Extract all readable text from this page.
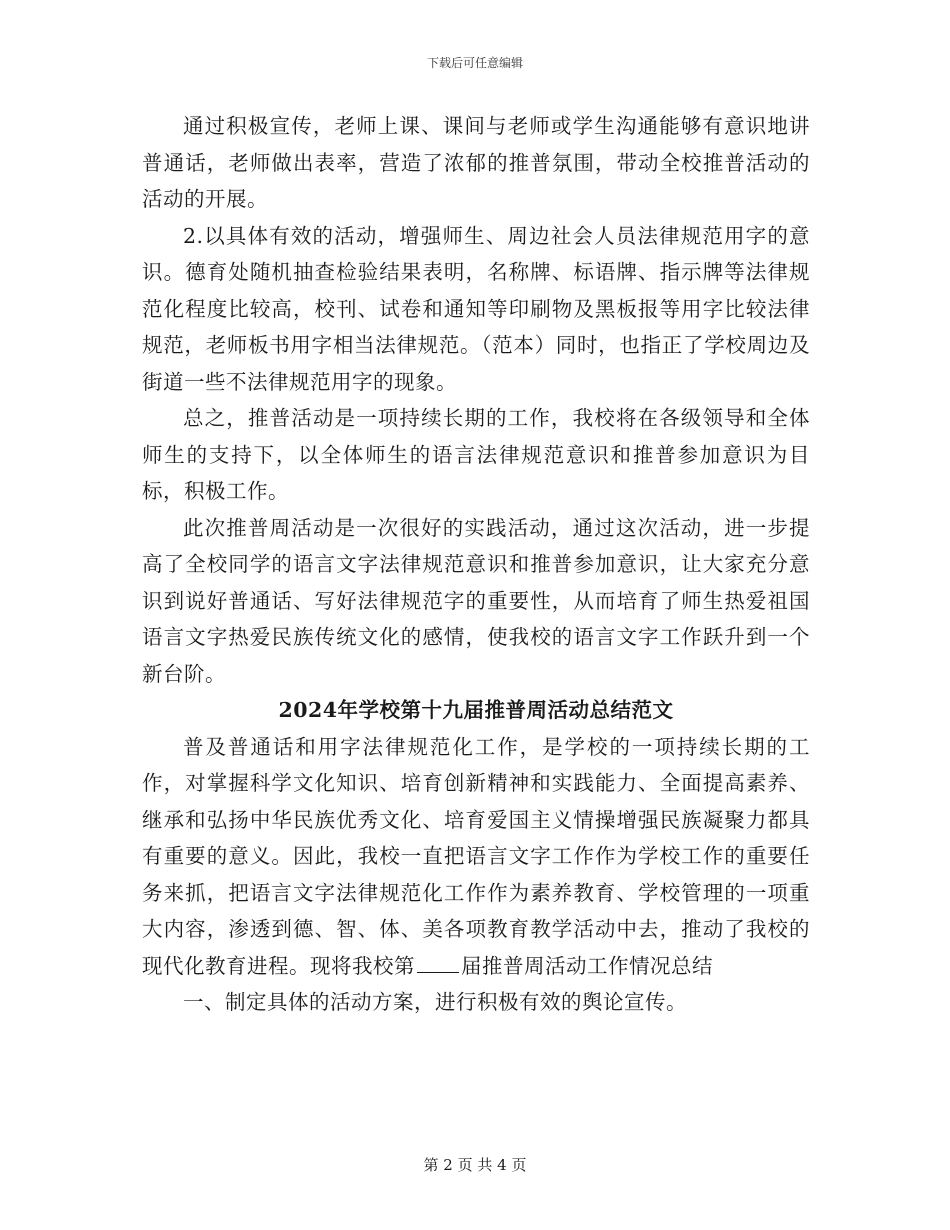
下载后可任意编辑

通过积极宣传，老师上课、课间与老师或学生沟通能够有意识地讲普通话，老师做出表率，营造了浓郁的推普氛围，带动全校推普活动的活动的开展。

2.以具体有效的活动，增强师生、周边社会人员法律规范用字的意识。德育处随机抽查检验结果表明，名称牌、标语牌、指示牌等法律规范化程度比较高，校刊、试卷和通知等印刷物及黑板报等用字比较法律规范，老师板书用字相当法律规范。（范本）同时，也指正了学校周边及街道一些不法律规范用字的现象。

总之，推普活动是一项持续长期的工作，我校将在各级领导和全体师生的支持下，以全体师生的语言法律规范意识和推普参加意识为目标，积极工作。

此次推普周活动是一次很好的实践活动，通过这次活动，进一步提高了全校同学的语言文字法律规范意识和推普参加意识，让大家充分意识到说好普通话、写好法律规范字的重要性，从而培育了师生热爱祖国语言文字热爱民族传统文化的感情，使我校的语言文字工作跃升到一个新台阶。

2024年学校第十九届推普周活动总结范文

普及普通话和用字法律规范化工作，是学校的一项持续长期的工作，对掌握科学文化知识、培育创新精神和实践能力、全面提高素养、继承和弘扬中华民族优秀文化、培育爱国主义情操增强民族凝聚力都具有重要的意义。因此，我校一直把语言文字工作作为学校工作的重要任务来抓，把语言文字法律规范化工作作为素养教育、学校管理的一项重大内容，渗透到德、智、体、美各项教育教学活动中去，推动了我校的现代化教育进程。现将我校第 届推普周活动工作情况总结

一、制定具体的活动方案，进行积极有效的舆论宣传。

第 2 页 共 4 页
